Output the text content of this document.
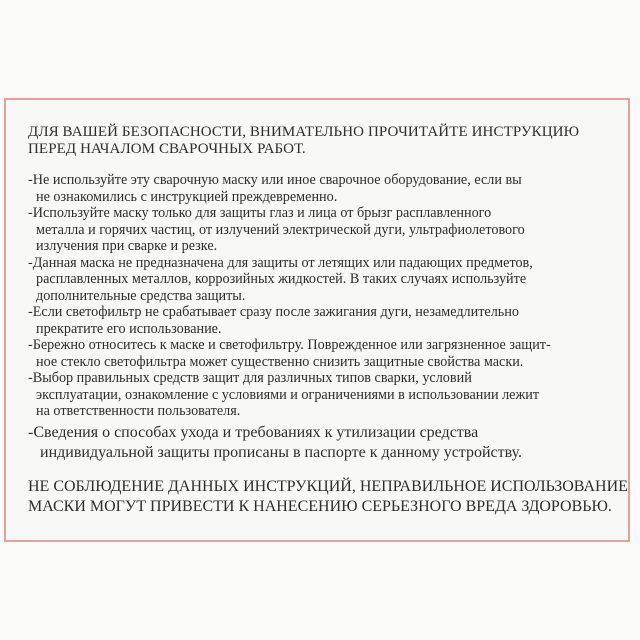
ДЛЯ ВАШЕЙ БЕЗОПАСНОСТИ, ВНИМАТЕЛЬНО ПРОЧИТАЙТЕ ИНСТРУКЦИЮ
ПЕРЕД НАЧАЛОМ СВАРОЧНЫХ РАБОТ.

-Не используйте эту сварочную маску или иное сварочное оборудование, если вы
не ознакомились с инструкцией преждевременно.

-Используйте маску только для защиты глаз и лица от брызг расплавленного
металла и горячих частиц, от излучений электрической дуги, ультрафиолетового
излучения при сварке и резке.

-Данная маска не предназначена для защиты от летящих или падающих предметов,
расплавленных металлов, коррозийных жидкостей. В таких случаях используйте
дополнительные средства защиты.

-Если светофильтр не срабатывает сразу после зажигания дуги, незамедлительно
прекратите его использование.

-Бережно относитесь к маске и светофильтру. Поврежденное или загрязненное защит-
ное стекло светофильтра может существенно снизить защитные свойства маски.

-Выбор правильных средств защит для различных типов сварки, условий
эксплуатации, ознакомление с условиями и ограничениями в использовании лежит
на ответственности пользователя.

-Сведения о способах ухода и требованиях к утилизации средства
индивидуальной защиты прописаны в паспорте к данному устройству.

НЕ СОБЛЮДЕНИЕ ДАННЫХ ИНСТРУКЦИЙ, НЕПРАВИЛЬНОЕ ИСПОЛЬЗОВАНИЕ
МАСКИ МОГУТ ПРИВЕСТИ К НАНЕСЕНИЮ СЕРЬЕЗНОГО ВРЕДА ЗДОРОВЬЮ.
